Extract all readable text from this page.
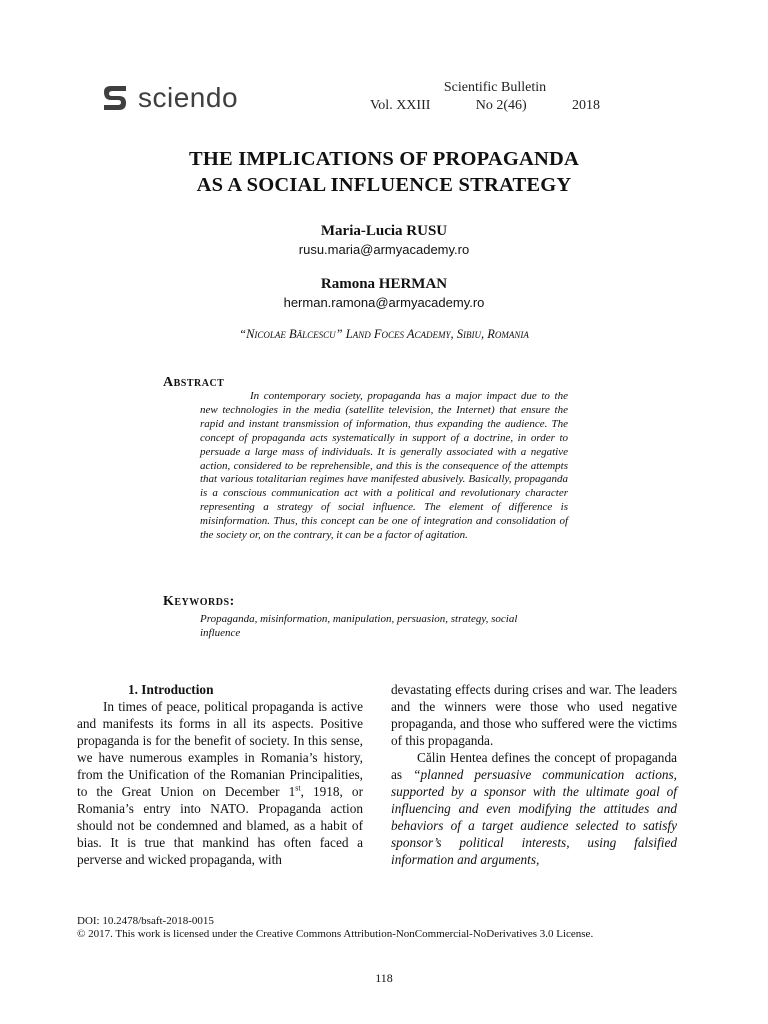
sciendo	Scientific Bulletin
Vol. XXIII	No 2(46)	2018
THE IMPLICATIONS OF PROPAGANDA
AS A SOCIAL INFLUENCE STRATEGY
Maria-Lucia RUSU
rusu.maria@armyacademy.ro
Ramona HERMAN
herman.ramona@armyacademy.ro
“Nicolae Bălcescu” Land Foces Academy, Sibiu, Romania
Abstract
In contemporary society, propaganda has a major impact due to the new technologies in the media (satellite television, the Internet) that ensure the rapid and instant transmission of information, thus expanding the audience. The concept of propaganda acts systematically in support of a doctrine, in order to persuade a large mass of individuals. It is generally associated with a negative action, considered to be reprehensible, and this is the consequence of the attempts that various totalitarian regimes have manifested abusively. Basically, propaganda is a conscious communication act with a political and revolutionary character representing a strategy of social influence. The element of difference is misinformation. Thus, this concept can be one of integration and consolidation of the society or, on the contrary, it can be a factor of agitation.
Keywords:
Propaganda, misinformation, manipulation, persuasion, strategy, social influence

1. Introduction

In times of peace, political propaganda is active and manifests its forms in all its aspects. Positive propaganda is for the benefit of society. In this sense, we have numerous examples in Romania’s history, from the Unification of the Romanian Principalities, to the Great Union on December 1st, 1918, or Romania’s entry into NATO. Propaganda action should not be condemned and blamed, as a habit of bias. It is true that mankind has often faced a perverse and wicked propaganda, with

devastating effects during crises and war. The leaders and the winners were those who used negative propaganda, and those who suffered were the victims of this propaganda.

Călin Hentea defines the concept of propaganda as “planned persuasive communication actions, supported by a sponsor with the ultimate goal of influencing and even modifying the attitudes and behaviors of a target audience selected to satisfy sponsor’s political interests, using falsified information and arguments,

DOI: 10.2478/bsaft-2018-0015
© 2017. This work is licensed under the Creative Commons Attribution-NonCommercial-NoDerivatives 3.0 License.
118
